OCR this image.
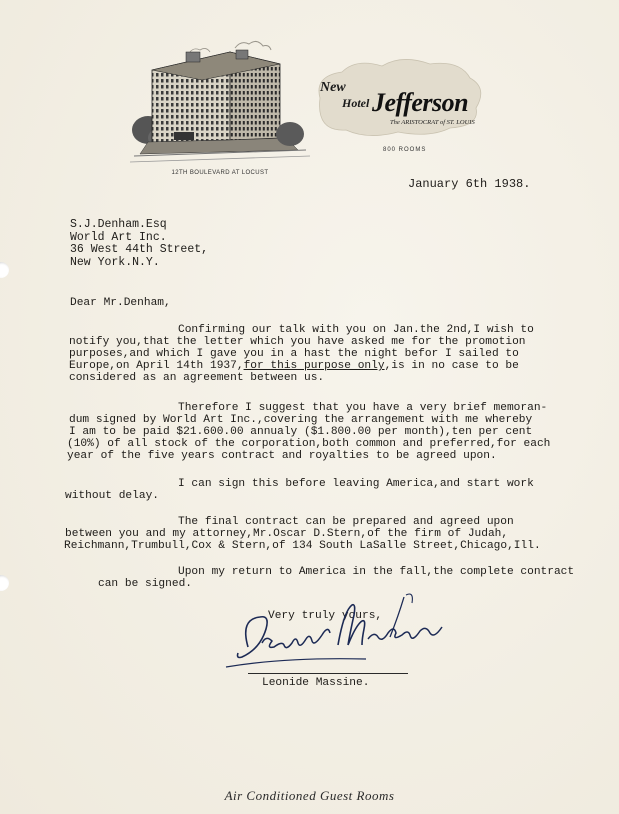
12TH BOULEVARD AT LOCUST
New
Hotel Jefferson
The ARISTOCRAT of ST. LOUIS
800 ROOMS
January 6th 1938.
S.J.Denham.Esq
World Art Inc.
36 West 44th Street,
New York.N.Y.
Dear Mr.Denham,
Confirming our talk with you on Jan.the 2nd,I wish to
notify you,that the letter which you have asked me for the promotion
purposes,and which I gave you in a hast the night befor I sailed to
Europe,on April 14th 1937,for this purpose only,is in no case to be
considered as an agreement between us.
Therefore I suggest that you have a very brief memoran-
dum signed by World Art Inc.,covering the arrangement with me whereby
I am to be paid $21.600.00 annualy ($1.800.00 per month),ten per cent
(10%) of all stock of the corporation,both common and preferred,for each
year of the five years contract and royalties to be agreed upon.
I can sign this before leaving America,and start work
without delay.
The final contract can be prepared and agreed upon
between you and my attorney,Mr.Oscar D.Stern,of the firm of Judah,
Reichmann,Trumbull,Cox & Stern,of 134 South LaSalle Street,Chicago,Ill.
Upon my return to America in the fall,the complete contract
can be signed.
Very truly yours,
Leonide Massine.
Air Conditioned Guest Rooms
